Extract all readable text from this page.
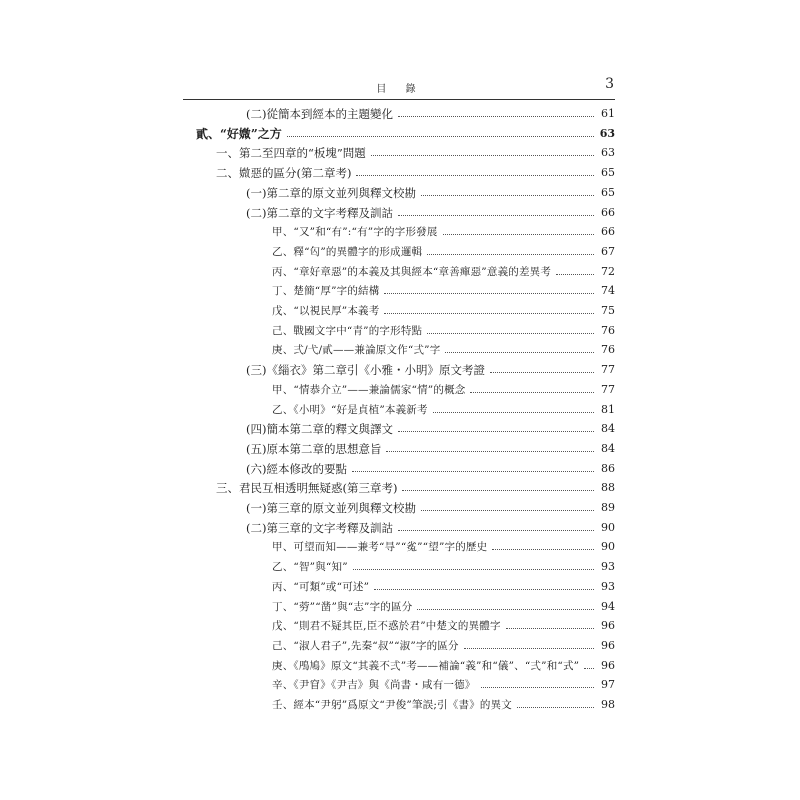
目 錄	3
(二)從簡本到經本的主題變化	61
貳、“好媺”之方	63
一、第二至四章的“板塊”問題	63
二、媺惡的區分(第二章考)	65
(一)第二章的原文並列與釋文校勘	65
(二)第二章的文字考釋及訓詁	66
甲、“又”和“有”:“有”字的字形發展	66
乙、釋“匃”的異體字的形成邏輯	67
丙、“章好章惡”的本義及其與經本“章善癉惡”意義的差異考	72
丁、楚簡“厚”字的結構	74
戊、“以視民厚”本義考	75
己、戰國文字中“青”的字形特點	76
庚、弍/弋/貳——兼論原文作“弍”字	76
(三)《緇衣》第二章引《小雅・小明》原文考證	77
甲、“情恭介立”——兼論儒家“情”的概念	77
乙、《小明》“好是貞植”本義新考	81
(四)簡本第二章的釋文與譯文	84
(五)原本第二章的思想意旨	84
(六)經本修改的要點	86
三、君民互相透明無疑惑(第三章考)	88
(一)第三章的原文並列與釋文校勘	89
(二)第三章的文字考釋及訓詁	90
甲、可望而知——兼考“㝵”“㝹”“望”字的歷史	90
乙、“智”與“知”	93
丙、“可類”或“可述”	93
丁、“䓖”“凿”與“志”字的區分	94
戊、“則君不疑其臣,臣不惑於君”中楚文的異體字	96
己、“淑人君子”,先秦“叔”“淑”字的區分	96
庚、《鳲鳩》原文“其義不弍”考——補論“義”和“儀”、“弍”和“式” 96
辛、《尹窅》《尹吉》與《尚書・咸有一德》	97
壬、經本“尹躬”爲原文“尹俊”筆誤;引《書》的異文	98
